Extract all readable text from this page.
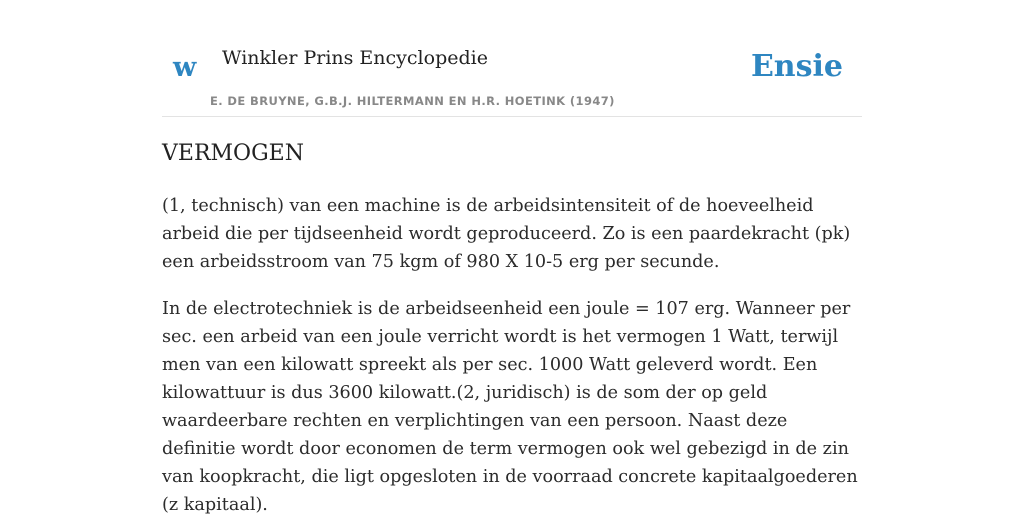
w Winkler Prins Encyclopedie
E. DE BRUYNE, G.B.J. HILTERMANN EN H.R. HOETINK (1947)
Ensie
VERMOGEN

(1, technisch) van een machine is de arbeidsintensiteit of de hoeveelheid arbeid die per tijdseenheid wordt geproduceerd. Zo is een paardekracht (pk) een arbeidsstroom van 75 kgm of 980 X 10-5 erg per secunde.

In de electrotechniek is de arbeidseenheid een joule = 107 erg. Wanneer per sec. een arbeid van een joule verricht wordt is het vermogen 1 Watt, terwijl men van een kilowatt spreekt als per sec. 1000 Watt geleverd wordt. Een kilowattuur is dus 3600 kilowatt.(2, juridisch) is de som der op geld waardeerbare rechten en verplichtingen van een persoon. Naast deze definitie wordt door economen de term vermogen ook wel gebezigd in de zin van koopkracht, die ligt opgesloten in de voorraad concrete kapitaalgoederen (z kapitaal).
